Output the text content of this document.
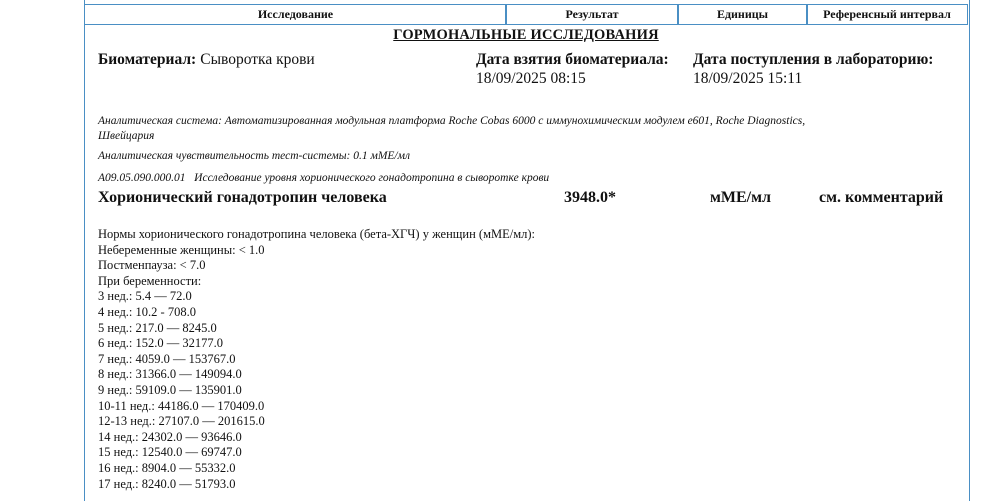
Исследование	Результат	Единицы	Референсный интервал
ГОРМОНАЛЬНЫЕ ИССЛЕДОВАНИЯ
Биоматериал: Сыворотка крови	Дата взятия биоматериала:
18/09/2025 08:15
Дата поступления в лабораторию:
18/09/2025 15:11
Аналитическая система: Автоматизированная модульная платформа Roche Cobas 6000 с иммунохимическим модулем е601, Roche Diagnostics,
Швейцария
Аналитическая чувствительность тест-системы: 0.1 мМЕ/мл
A09.05.090.000.01 Исследование уровня хорионического гонадотропина в сыворотке крови
Хорионический гонадотропин человека	3948.0*	мМЕ/мл	см. комментарий
Нормы хорионического гонадотропина человека (бета-ХГЧ) у женщин (мМЕ/мл):
Небеременные женщины: < 1.0
Постменпауза: < 7.0
При беременности:
3 нед.: 5.4 — 72.0
4 нед.: 10.2 - 708.0
5 нед.: 217.0 — 8245.0
6 нед.: 152.0 — 32177.0
7 нед.: 4059.0 — 153767.0
8 нед.: 31366.0 — 149094.0
9 нед.: 59109.0 — 135901.0
10-11 нед.: 44186.0 — 170409.0
12-13 нед.: 27107.0 — 201615.0
14 нед.: 24302.0 — 93646.0
15 нед.: 12540.0 — 69747.0
16 нед.: 8904.0 — 55332.0
17 нед.: 8240.0 — 51793.0
